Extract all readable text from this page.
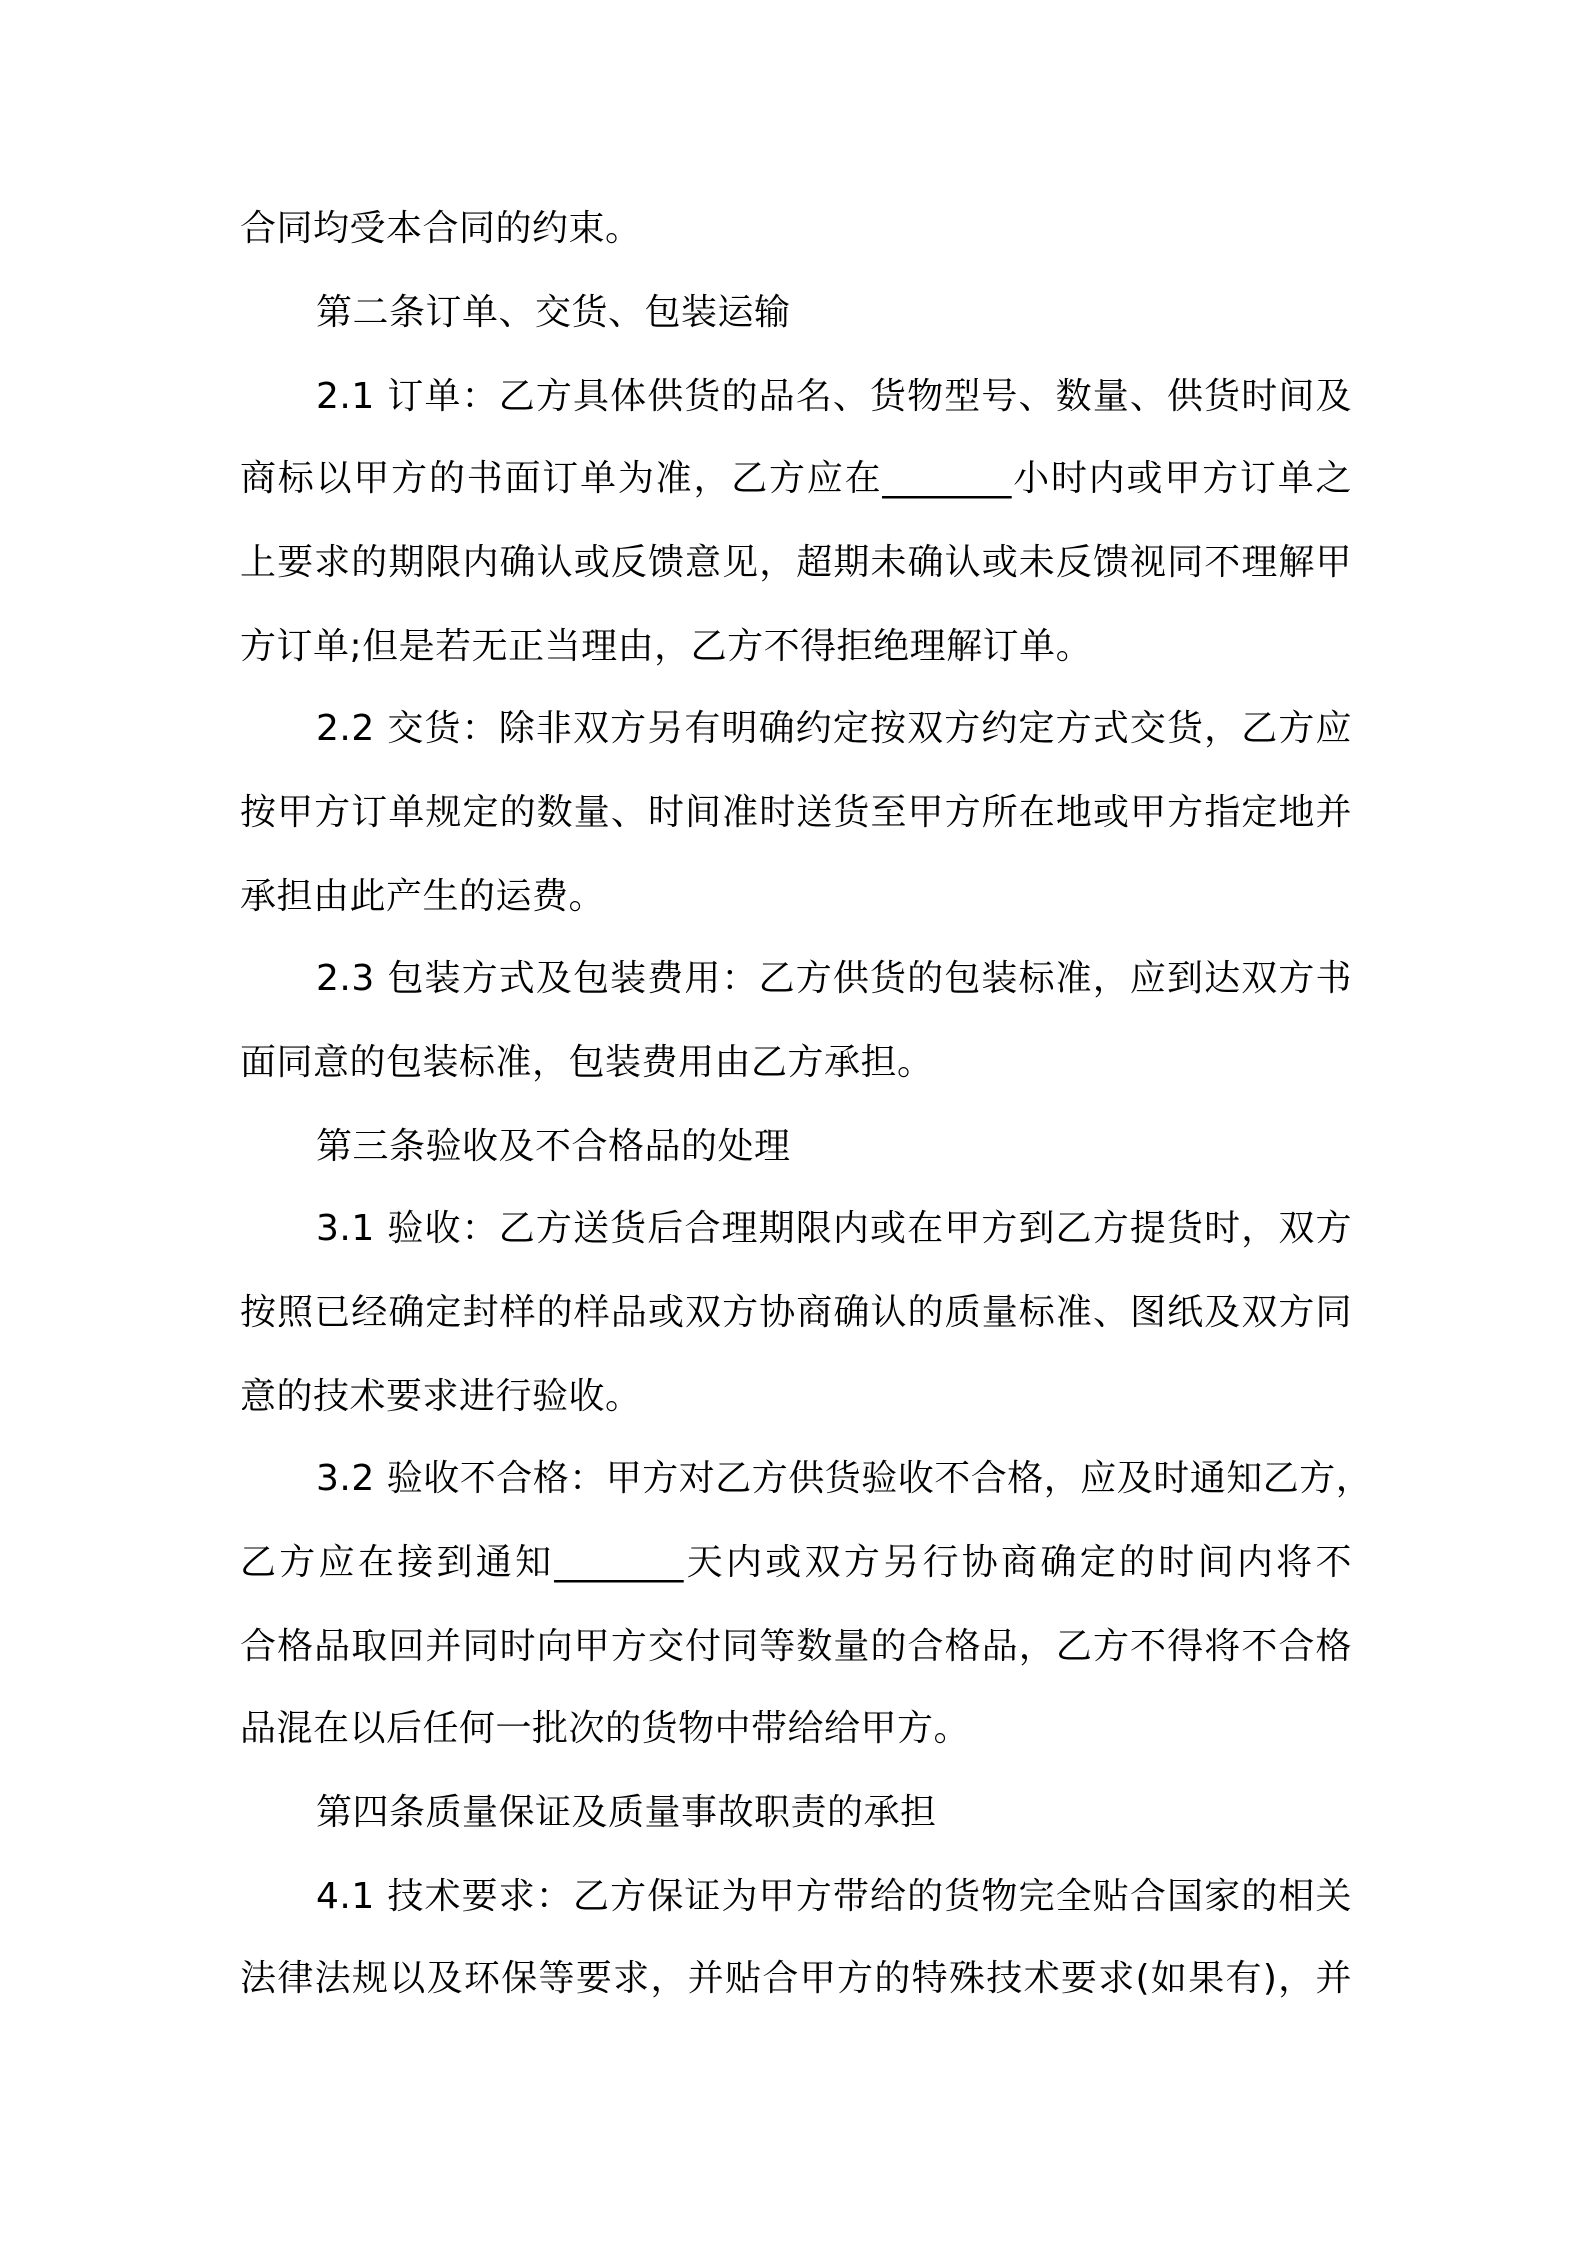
合同均受本合同的约束。
第二条订单、交货、包装运输
2.1 订单：乙方具体供货的品名、货物型号、数量、供货时间及
商标以甲方的书面订单为准，乙方应在_______小时内或甲方订单之
上要求的期限内确认或反馈意见，超期未确认或未反馈视同不理解甲
方订单;但是若无正当理由，乙方不得拒绝理解订单。
2.2 交货：除非双方另有明确约定按双方约定方式交货，乙方应
按甲方订单规定的数量、时间准时送货至甲方所在地或甲方指定地并
承担由此产生的运费。
2.3 包装方式及包装费用：乙方供货的包装标准，应到达双方书
面同意的包装标准，包装费用由乙方承担。
第三条验收及不合格品的处理
3.1 验收：乙方送货后合理期限内或在甲方到乙方提货时，双方
按照已经确定封样的样品或双方协商确认的质量标准、图纸及双方同
意的技术要求进行验收。
3.2 验收不合格：甲方对乙方供货验收不合格，应及时通知乙方，
乙方应在接到通知_______天内或双方另行协商确定的时间内将不
合格品取回并同时向甲方交付同等数量的合格品，乙方不得将不合格
品混在以后任何一批次的货物中带给给甲方。
第四条质量保证及质量事故职责的承担
4.1 技术要求：乙方保证为甲方带给的货物完全贴合国家的相关
法律法规以及环保等要求，并贴合甲方的特殊技术要求(如果有)，并
